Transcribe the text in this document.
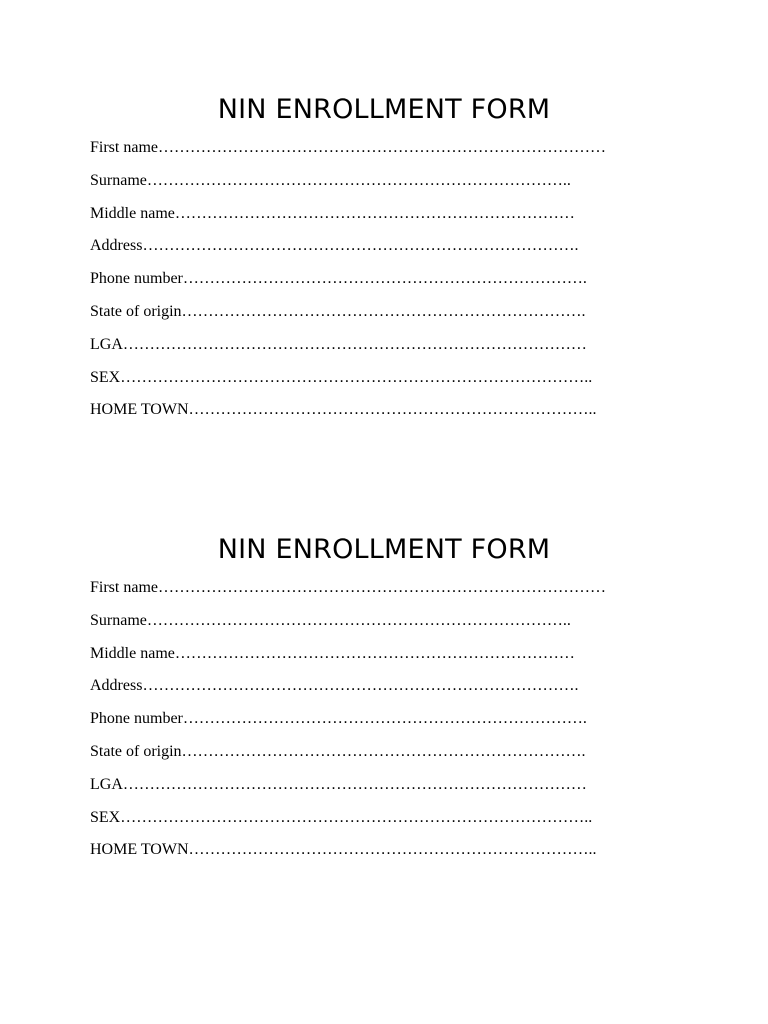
NIN ENROLLMENT FORM
First name…………………………………………………………………………
Surname……………………………………………………………………..
Middle name…………………………………………………………………
Address……………………………………………………………………….
Phone number………………………………………………………………….
State of origin………………………………………………………………….
LGA……………………………………………………………………………
SEX……………………………………………………………………………..
HOME TOWN…………………………………………………………………..
NIN ENROLLMENT FORM
First name…………………………………………………………………………
Surname……………………………………………………………………..
Middle name…………………………………………………………………
Address……………………………………………………………………….
Phone number………………………………………………………………….
State of origin………………………………………………………………….
LGA……………………………………………………………………………
SEX……………………………………………………………………………..
HOME TOWN…………………………………………………………………..
